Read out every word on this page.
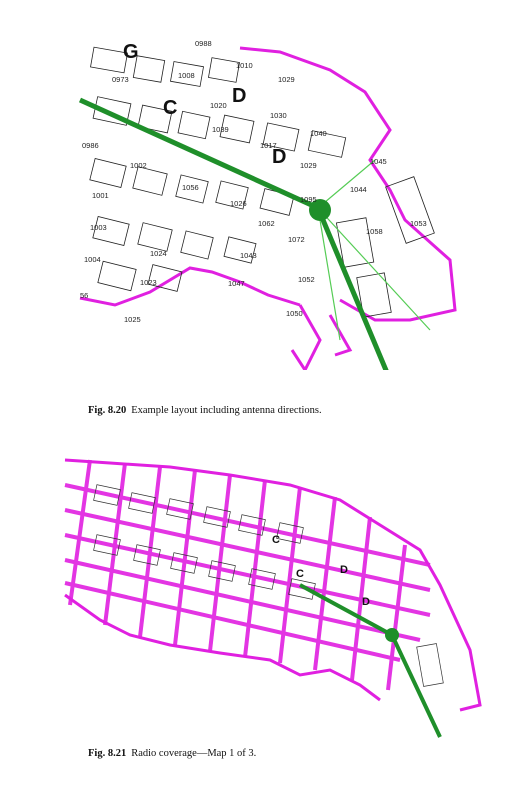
G
C
D
D
0988
1010
0973	1029
1020
1008
1030
1040
1045
1039
0986
1002
1044
1056
1001
1026
1017
1003
1029
1062	1053
1004
1024	1043
1058
1023	1047	1052
1025
1050
1072
1095
56
Fig. 8.20 Example layout including antenna directions.
C
C	D
D
Fig. 8.21 Radio coverage—Map 1 of 3.
